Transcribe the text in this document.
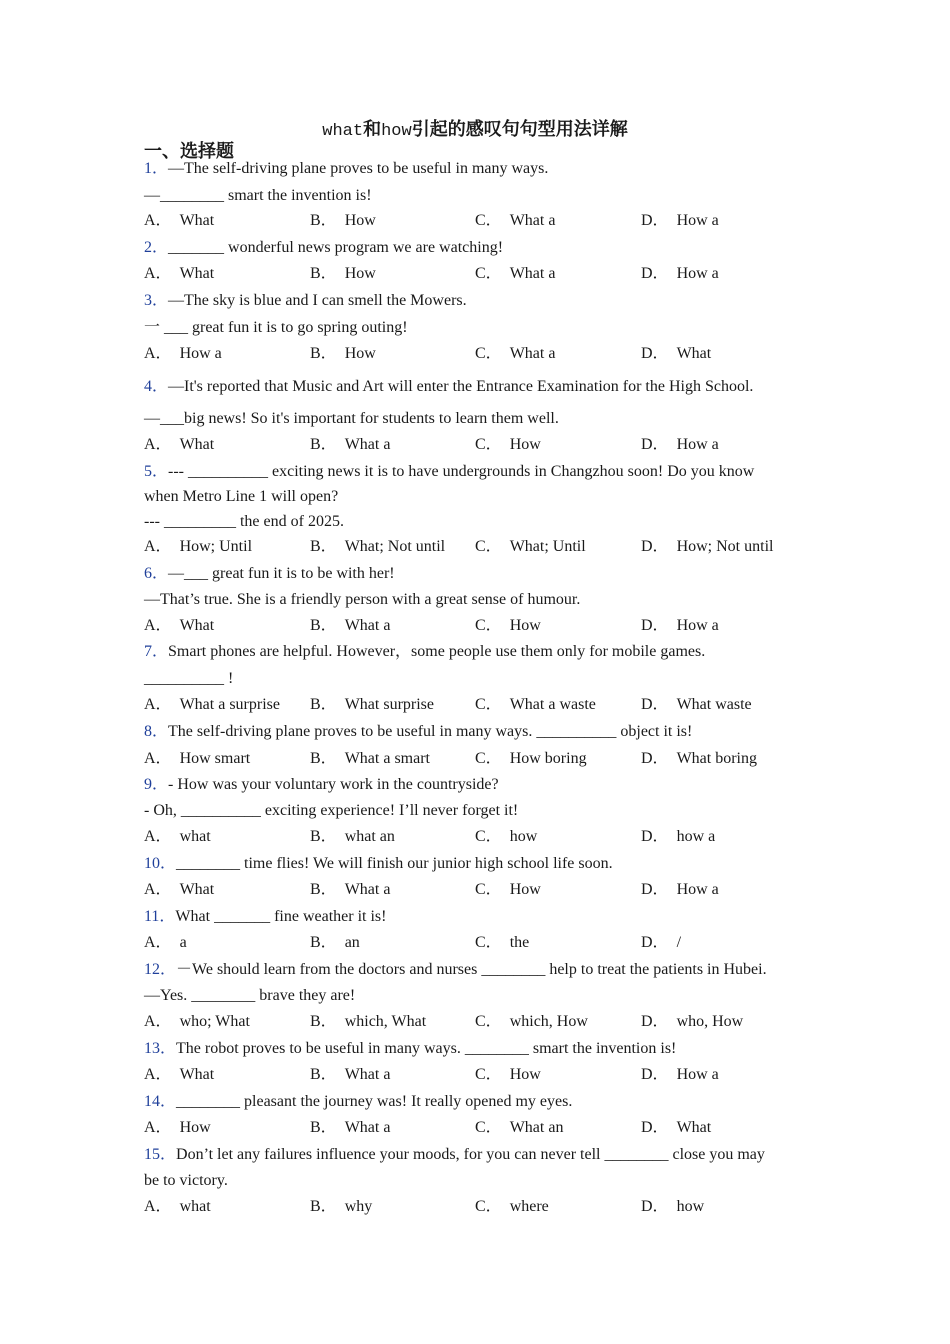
what和how引起的感叹句句型用法详解
一、选择题
1．—The self-driving plane proves to be useful in many ways.
—________ smart the invention is!
A． What	B． How	C． What a	D． How a
2．_______ wonderful news program we are watching!
A． What	B． How	C． What a	D． How a
3．—The sky is blue and I can smell the Mowers.
一 ___ great fun it is to go spring outing!
A． How a	B． How	C． What a	D． What
4．—It's reported that Music and Art will enter the Entrance Examination for the High School.
—___big news! So it's important for students to learn them well.
A． What	B． What a	C． How	D． How a
5．--- __________ exciting news it is to have undergrounds in Changzhou soon! Do you know
when Metro Line 1 will open?
--- _________ the end of 2025.
A． How; Until	B． What; Not until C． What; Until	D． How; Not until
6．—___ great fun it is to be with her!
—That’s true. She is a friendly person with a great sense of humour.
A． What	B． What a	C． How	D． How a
7．Smart phones are helpful. However，some people use them only for mobile games.
__________ !
A． What a surprise B． What surprise	C． What a waste	D． What waste
8．The self-driving plane proves to be useful in many ways. __________ object it is!
A． How smart	B． What a smart	C． How boring	D． What boring
9．- How was your voluntary work in the countryside?
- Oh, __________ exciting experience! I’ll never forget it!
A． what	B． what an	C． how	D． how a
10．________ time flies! We will finish our junior high school life soon.
A． What	B． What a	C． How	D． How a
11．What _______ fine weather it is!
A． a	B． an	C． the	D． /
12．－We should learn from the doctors and nurses ________ help to treat the patients in Hubei.
—Yes. ________ brave they are!
A． who; What	B． which, What	C． which, How	D． who, How
13．The robot proves to be useful in many ways. ________ smart the invention is!
A． What	B． What a	C． How	D． How a
14．________ pleasant the journey was! It really opened my eyes.
A． How	B． What a	C． What an	D． What
15．Don’t let any failures influence your moods, for you can never tell ________ close you may
be to victory.
A． what	B． why	C． where	D． how
